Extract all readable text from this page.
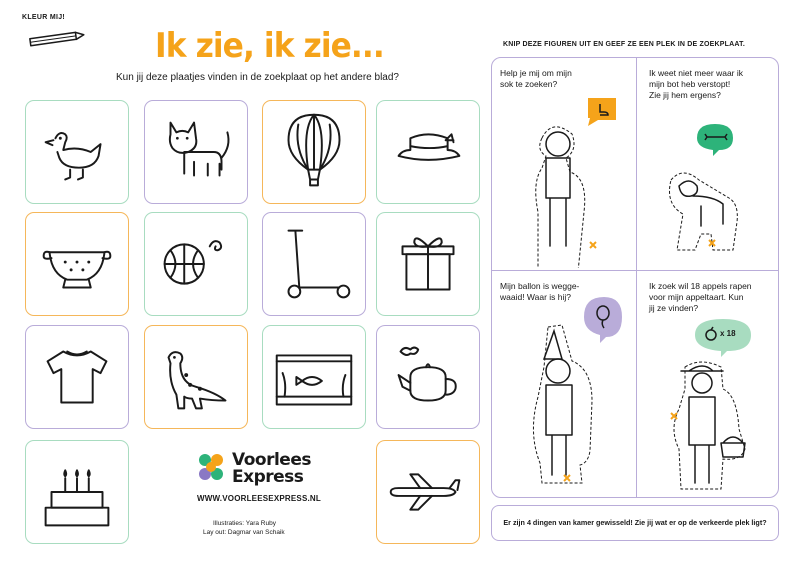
KLEUR MIJ!
Ik zie, ik zie...
Kun jij deze plaatjes vinden in de zoekplaat op het andere blad?
Voorlees
Express
WWW.VOORLEESEXPRESS.NL
Illustraties: Yara Ruby
Lay out: Dagmar van Schaik
KNIP DEZE FIGUREN UIT EN GEEF ZE EEN PLEK IN DE ZOEKPLAAT.
Help je mij om mijn
sok te zoeken?
Ik weet niet meer waar ik
mijn bot heb verstopt!
Zie jij hem ergens?
Mijn ballon is wegge-
waaid! Waar is hij?
Ik zoek wil 18 appels rapen
voor mijn appeltaart. Kun
jij ze vinden?
x 18
Er zijn 4 dingen van kamer gewisseld! Zie jij wat er op de verkeerde plek ligt?
